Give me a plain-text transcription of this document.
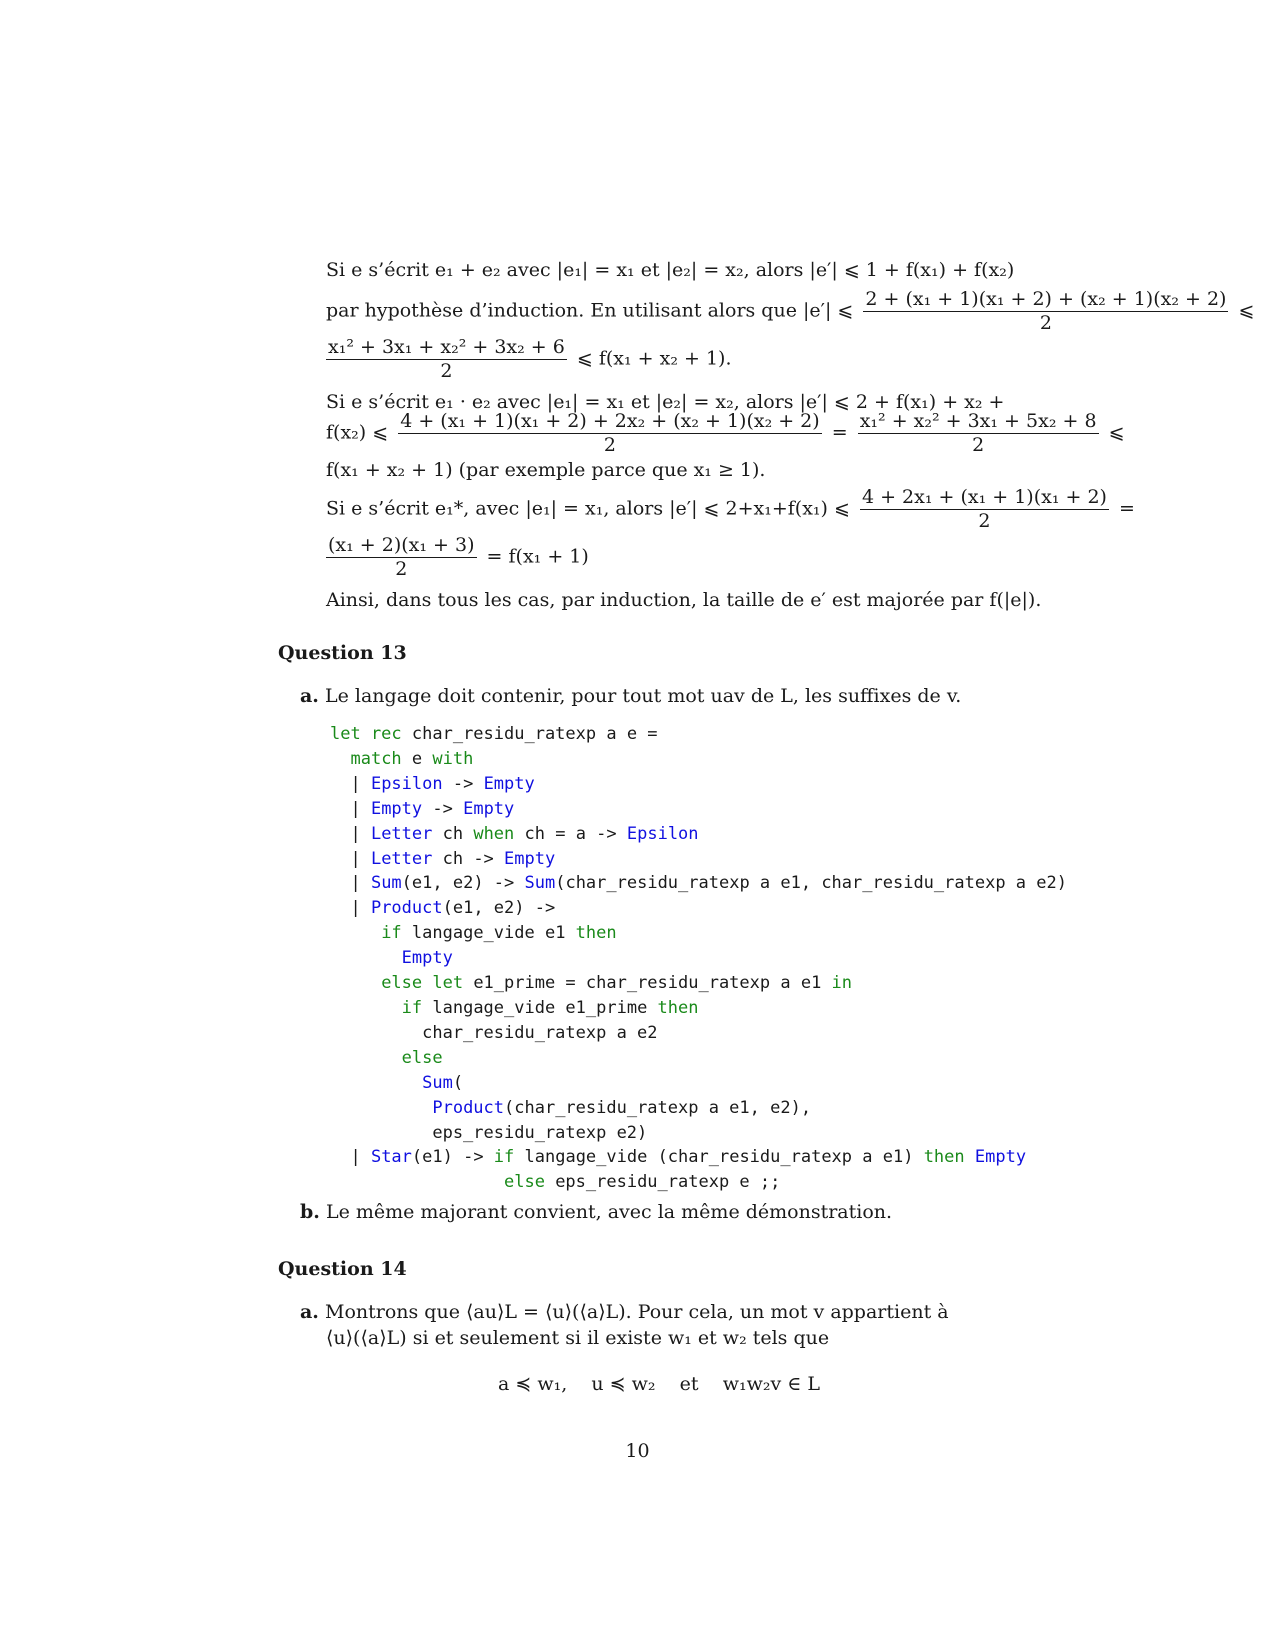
Si e s’écrit e₁ + e₂ avec |e₁| = x₁ et |e₂| = x₂, alors |e′| ⩽ 1 + f(x₁) + f(x₂)
par hypothèse d’induction. En utilisant alors que |e′| ⩽ $\frac{\text{2 + (x₁ + 1)(x₁ + 2) + (x₂ + 1)(x₂ + 2)}}{2}$ ⩽
$\frac{\text{x₁² + 3x₁ + x₂² + 3x₂ + 6}}{2}$ ⩽ f(x₁ + x₂ + 1).
Si e s’écrit e₁ · e₂ avec |e₁| = x₁ et |e₂| = x₂, alors |e′| ⩽ 2 + f(x₁) + x₂ +
f(x₂) ⩽ $\frac{\text{4 + (x₁ + 1)(x₁ + 2) + 2x₂ + (x₂ + 1)(x₂ + 2)}}{2} = \frac{\text{x₁² + x₂² + 3x₁ + 5x₂ + 8}}{2}$ ⩽
f(x₁ + x₂ + 1) (par exemple parce que x₁ ≥ 1).
Si e s’écrit e₁*, avec |e₁| = x₁, alors |e′| ⩽ 2+x₁+f(x₁) ⩽ $\frac{\text{4 + 2x₁ + (x₁ + 1)(x₁ + 2)}}{2}$ =
$\frac{\text{(x₁ + 2)(x₁ + 3)}}{2} = f(x_1 + 1)$
Ainsi, dans tous les cas, par induction, la taille de e′ est majorée par f(|e|).
Question 13
a. Le langage doit contenir, pour tout mot uav de L, les suffixes de v.
let rec char_residu_ratexp a e =
match e with
| Epsilon -> Empty
| Empty -> Empty
| Letter ch when ch = a -> Epsilon
| Letter ch -> Empty
| Sum(e1, e2) -> Sum(char_residu_ratexp a e1, char_residu_ratexp a e2)
| Product(e1, e2) ->
if langage_vide e1 then
Empty
else let e1_prime = char_residu_ratexp a e1 in
if langage_vide e1_prime then
char_residu_ratexp a e2
else
Sum(
Product(char_residu_ratexp a e1, e2),
eps_residu_ratexp e2)
| Star(e1) -> if langage_vide (char_residu_ratexp a e1) then Empty
else eps_residu_ratexp e ;;
b. Le même majorant convient, avec la même démonstration.
Question 14
a. Montrons que ⟨au⟩L = ⟨u⟩(⟨a⟩L). Pour cela, un mot v appartient à
⟨u⟩(⟨a⟩L) si et seulement si il existe w₁ et w₂ tels que
a ≼ w₁,    u ≼ w₂    et    w₁w₂v ∈ L
10
